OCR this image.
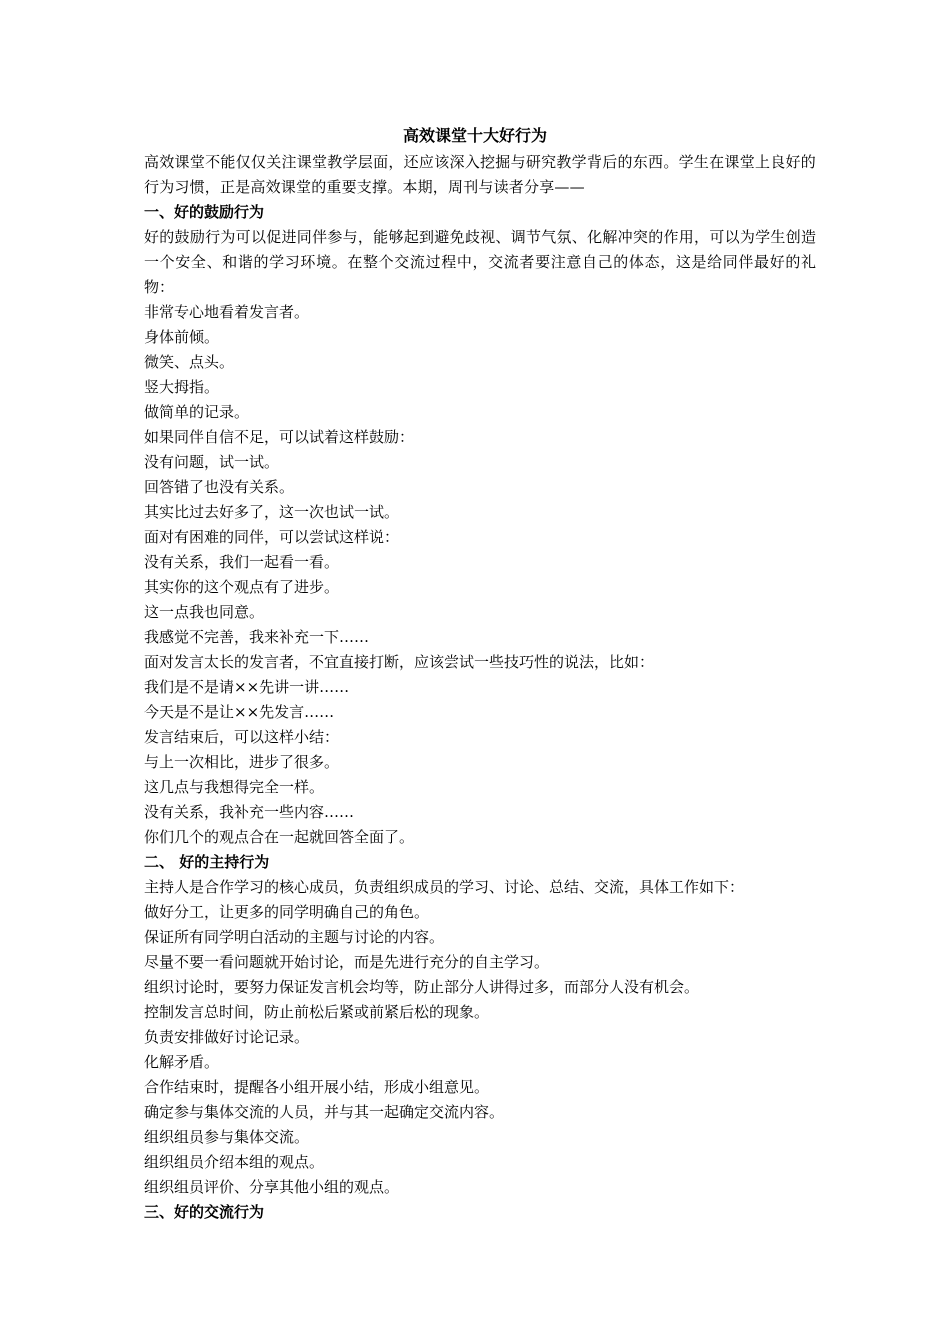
高效课堂十大好行为

高效课堂不能仅仅关注课堂教学层面，还应该深入挖掘与研究教学背后的东西。学生在课堂上良好的行为习惯，正是高效课堂的重要支撑。本期，周刊与读者分享——

一、好的鼓励行为

好的鼓励行为可以促进同伴参与，能够起到避免歧视、调节气氛、化解冲突的作用，可以为学生创造一个安全、和谐的学习环境。在整个交流过程中，交流者要注意自己的体态，这是给同伴最好的礼物：

非常专心地看着发言者。

身体前倾。

微笑、点头。

竖大拇指。

做简单的记录。

如果同伴自信不足，可以试着这样鼓励：

没有问题，试一试。

回答错了也没有关系。

其实比过去好多了，这一次也试一试。

面对有困难的同伴，可以尝试这样说：

没有关系，我们一起看一看。

其实你的这个观点有了进步。

这一点我也同意。

我感觉不完善，我来补充一下……

面对发言太长的发言者，不宜直接打断，应该尝试一些技巧性的说法，比如：

我们是不是请××先讲一讲……

今天是不是让××先发言……

发言结束后，可以这样小结：

与上一次相比，进步了很多。

这几点与我想得完全一样。

没有关系，我补充一些内容……

你们几个的观点合在一起就回答全面了。

二、 好的主持行为

主持人是合作学习的核心成员，负责组织成员的学习、讨论、总结、交流，具体工作如下：

做好分工，让更多的同学明确自己的角色。

保证所有同学明白活动的主题与讨论的内容。

尽量不要一看问题就开始讨论，而是先进行充分的自主学习。

组织讨论时，要努力保证发言机会均等，防止部分人讲得过多，而部分人没有机会。

控制发言总时间，防止前松后紧或前紧后松的现象。

负责安排做好讨论记录。

化解矛盾。

合作结束时，提醒各小组开展小结，形成小组意见。

确定参与集体交流的人员，并与其一起确定交流内容。

组织组员参与集体交流。

组织组员介绍本组的观点。

组织组员评价、分享其他小组的观点。

三、好的交流行为
